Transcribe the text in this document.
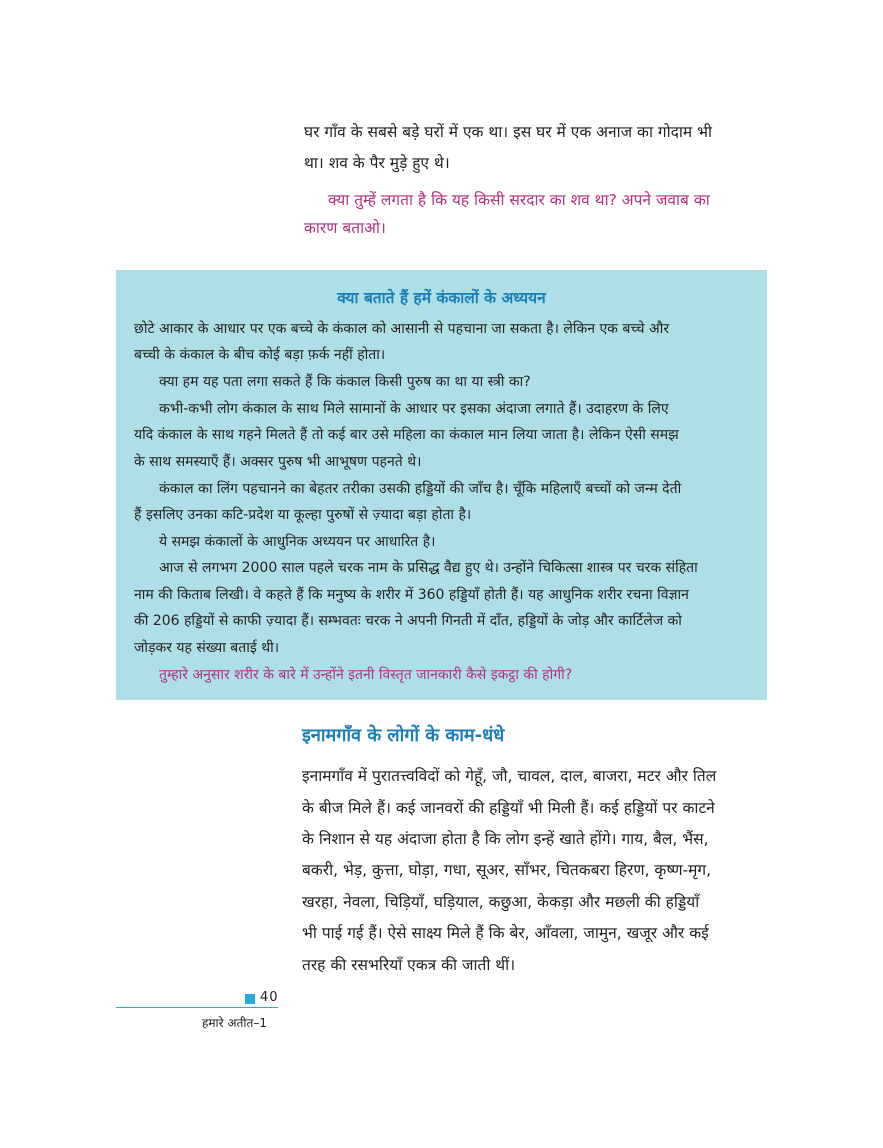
घर गाँव के सबसे बड़े घरों में एक था। इस घर में एक अनाज का गोदाम भी
था। शव के पैर मुड़े हुए थे।
क्या तुम्हें लगता है कि यह किसी सरदार का शव था? अपने जवाब का
कारण बताओ।
क्या बताते हैं हमें कंकालों के अध्ययन
छोटे आकार के आधार पर एक बच्चे के कंकाल को आसानी से पहचाना जा सकता है। लेकिन एक बच्चे और
बच्ची के कंकाल के बीच कोई बड़ा फ़र्क नहीं होता।
क्या हम यह पता लगा सकते हैं कि कंकाल किसी पुरुष का था या स्त्री का?
कभी-कभी लोग कंकाल के साथ मिले सामानों के आधार पर इसका अंदाजा लगाते हैं। उदाहरण के लिए
यदि कंकाल के साथ गहने मिलते हैं तो कई बार उसे महिला का कंकाल मान लिया जाता है। लेकिन ऐसी समझ
के साथ समस्याएँ हैं। अक्सर पुरुष भी आभूषण पहनते थे।
कंकाल का लिंग पहचानने का बेहतर तरीका उसकी हड्डियों की जाँच है। चूँकि महिलाएँ बच्चों को जन्म देती
हैं इसलिए उनका कटि-प्रदेश या कूल्हा पुरुषों से ज़्यादा बड़ा होता है।
ये समझ कंकालों के आधुनिक अध्ययन पर आधारित है।
आज से लगभग 2000 साल पहले चरक नाम के प्रसिद्ध वैद्य हुए थे। उन्होंने चिकित्सा शास्त्र पर चरक संहिता
नाम की किताब लिखी। वे कहते हैं कि मनुष्य के शरीर में 360 हड्डियाँ होती हैं। यह आधुनिक शरीर रचना विज्ञान
की 206 हड्डियों से काफी ज़्यादा हैं। सम्भवतः चरक ने अपनी गिनती में दाँत, हड्डियों के जोड़ और कार्टिलेज को
जोड़कर यह संख्या बताई थी।
तुम्हारे अनुसार शरीर के बारे में उन्होंने इतनी विस्तृत जानकारी कैसे इकट्ठा की होगी?
इनामगाँव के लोगों के काम-धंधे
इनामगाँव में पुरातत्त्वविदों को गेहूँ, जौ, चावल, दाल, बाजरा, मटर और तिल
के बीज मिले हैं। कई जानवरों की हड्डियाँ भी मिली हैं। कई हड्डियों पर काटने
के निशान से यह अंदाजा होता है कि लोग इन्हें खाते होंगे। गाय, बैल, भैंस,
बकरी, भेड़, कुत्ता, घोड़ा, गधा, सूअर, साँभर, चितकबरा हिरण, कृष्ण-मृग,
खरहा, नेवला, चिड़ियाँ, घड़ियाल, कछुआ, केकड़ा और मछली की हड्डियाँ
भी पाई गई हैं। ऐसे साक्ष्य मिले हैं कि बेर, आँवला, जामुन, खजूर और कई
तरह की रसभरियाँ एकत्र की जाती थीं।
40
हमारे अतीत–1
